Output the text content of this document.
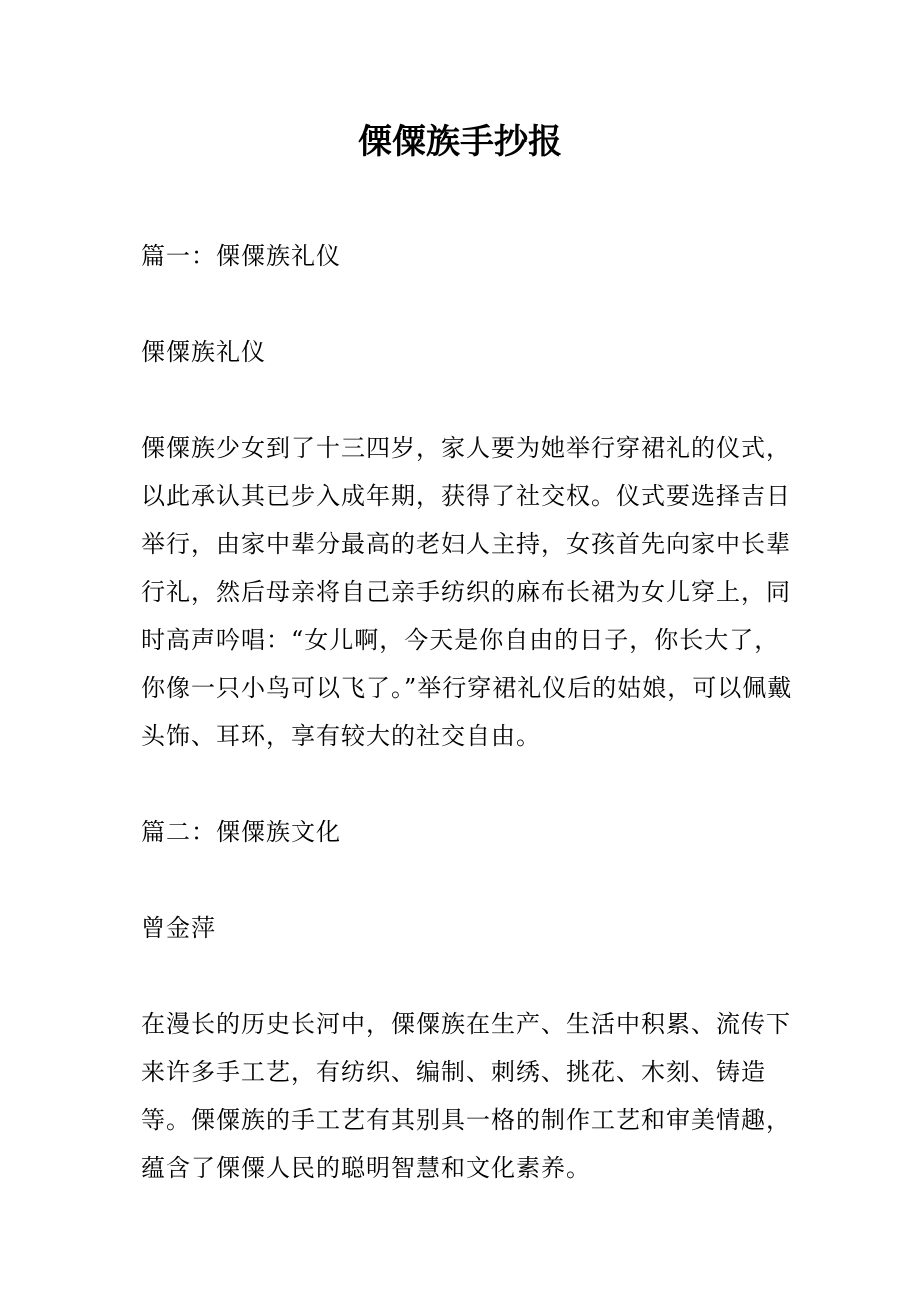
傈僳族手抄报

篇一：傈僳族礼仪

傈僳族礼仪

傈僳族少女到了十三四岁，家人要为她举行穿裙礼的仪式，以此承认其已步入成年期，获得了社交权。仪式要选择吉日举行，由家中辈分最高的老妇人主持，女孩首先向家中长辈行礼，然后母亲将自己亲手纺织的麻布长裙为女儿穿上，同时高声吟唱：“女儿啊，今天是你自由的日子，你长大了，你像一只小鸟可以飞了。”举行穿裙礼仪后的姑娘，可以佩戴头饰、耳环，享有较大的社交自由。

篇二：傈僳族文化

曾金萍

在漫长的历史长河中，傈僳族在生产、生活中积累、流传下来许多手工艺，有纺织、编制、刺绣、挑花、木刻、铸造等。傈僳族的手工艺有其别具一格的制作工艺和审美情趣，蕴含了傈僳人民的聪明智慧和文化素养。
